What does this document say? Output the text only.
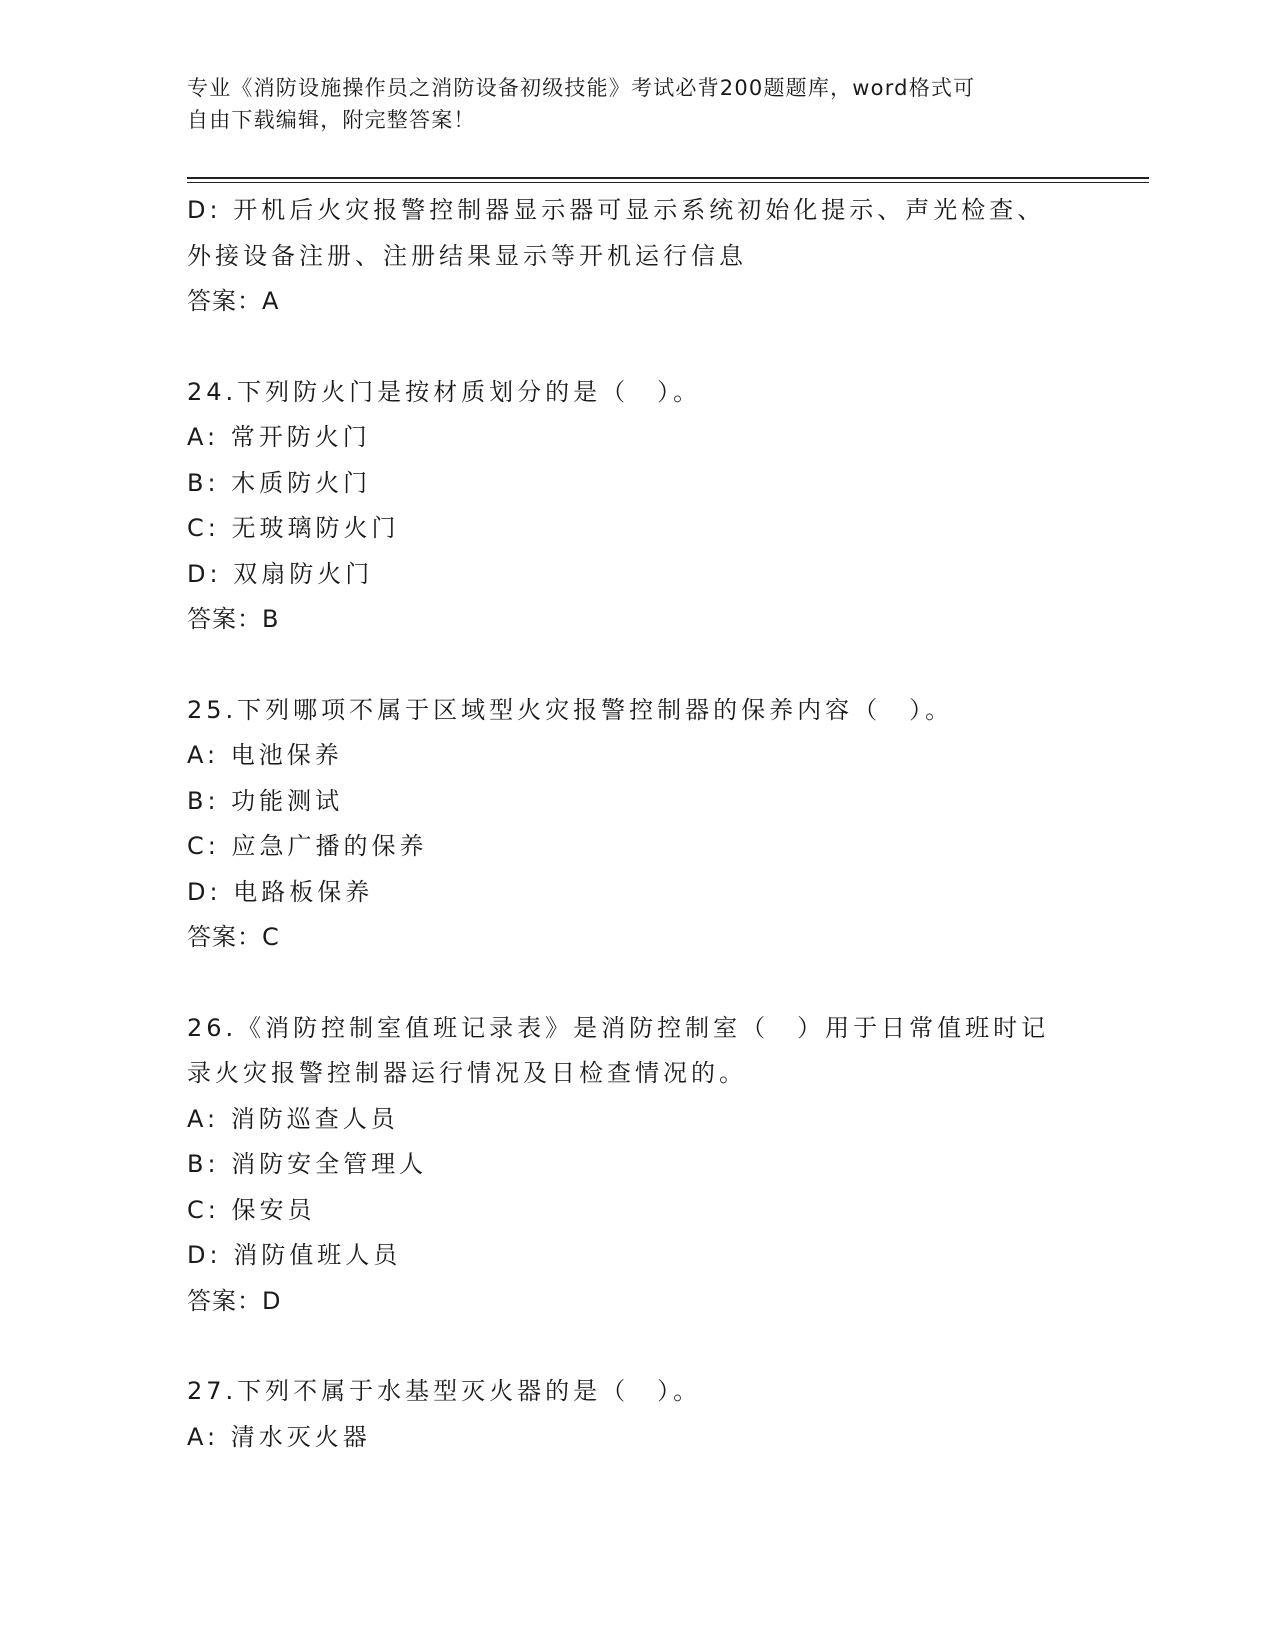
专业《消防设施操作员之消防设备初级技能》考试必背200题题库，word格式可
自由下载编辑，附完整答案！
D: 开机后火灾报警控制器显示器可显示系统初始化提示、声光检查、
外接设备注册、注册结果显示等开机运行信息
答案：A
24.下列防火门是按材质划分的是（　）。
A: 常开防火门
B: 木质防火门
C: 无玻璃防火门
D: 双扇防火门
答案：B
25.下列哪项不属于区域型火灾报警控制器的保养内容（　）。
A: 电池保养
B: 功能测试
C: 应急广播的保养
D: 电路板保养
答案：C
26.《消防控制室值班记录表》是消防控制室（　）用于日常值班时记
录火灾报警控制器运行情况及日检查情况的。
A: 消防巡查人员
B: 消防安全管理人
C: 保安员
D: 消防值班人员
答案：D
27.下列不属于水基型灭火器的是（　）。
A: 清水灭火器
